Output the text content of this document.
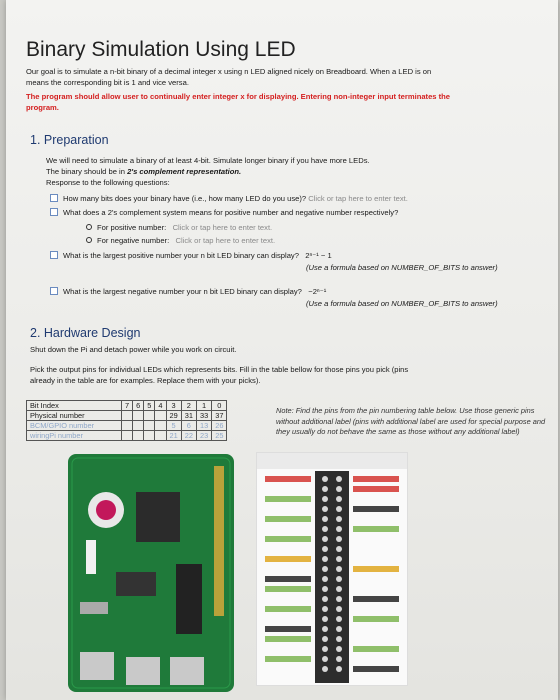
Binary Simulation Using LED

Our goal is to simulate a n-bit binary of a decimal integer x using n LED aligned nicely on Breadboard. When a LED is on

means the corresponding bit is 1 and vice versa.

The program should allow user to continually enter integer x for displaying. Entering non-integer input terminates the

program.

1. Preparation

We will need to simulate a binary of at least 4-bit. Simulate longer binary if you have more LEDs.

The binary should be in 2's complement representation.

Response to the following questions:

How many bits does your binary have (i.e., how many LED do you use)? Click or tap here to enter text.

What does a 2's complement system means for positive number and negative number respectively?

For positive number: Click or tap here to enter text.

For negative number: Click or tap here to enter text.

What is the largest positive number your n bit LED binary can display? 2ⁿ⁻¹ − 1

(Use a formula based on NUMBER_OF_BITS to answer)

What is the largest negative number your n bit LED binary can display? −2ⁿ⁻¹

(Use a formula based on NUMBER_OF_BITS to answer)

2. Hardware Design

Shut down the Pi and detach power while you work on circuit.

Pick the output pins for individual LEDs which represents bits. Fill in the table bellow for those pins you pick (pins

already in the table are for examples. Replace them with your picks).

Bit Index	7	6	5	4	3	2	1	0
Physical number					29	31	33	37
BCM/GPIO number					5	6	13	26
wiringPi number					21	22	23	25

Note: Find the pins from the pin numbering table below. Use those generic pins without additional label (pins with additional label are used for special purpose and they usually do not behave the same as those without any additional label)
